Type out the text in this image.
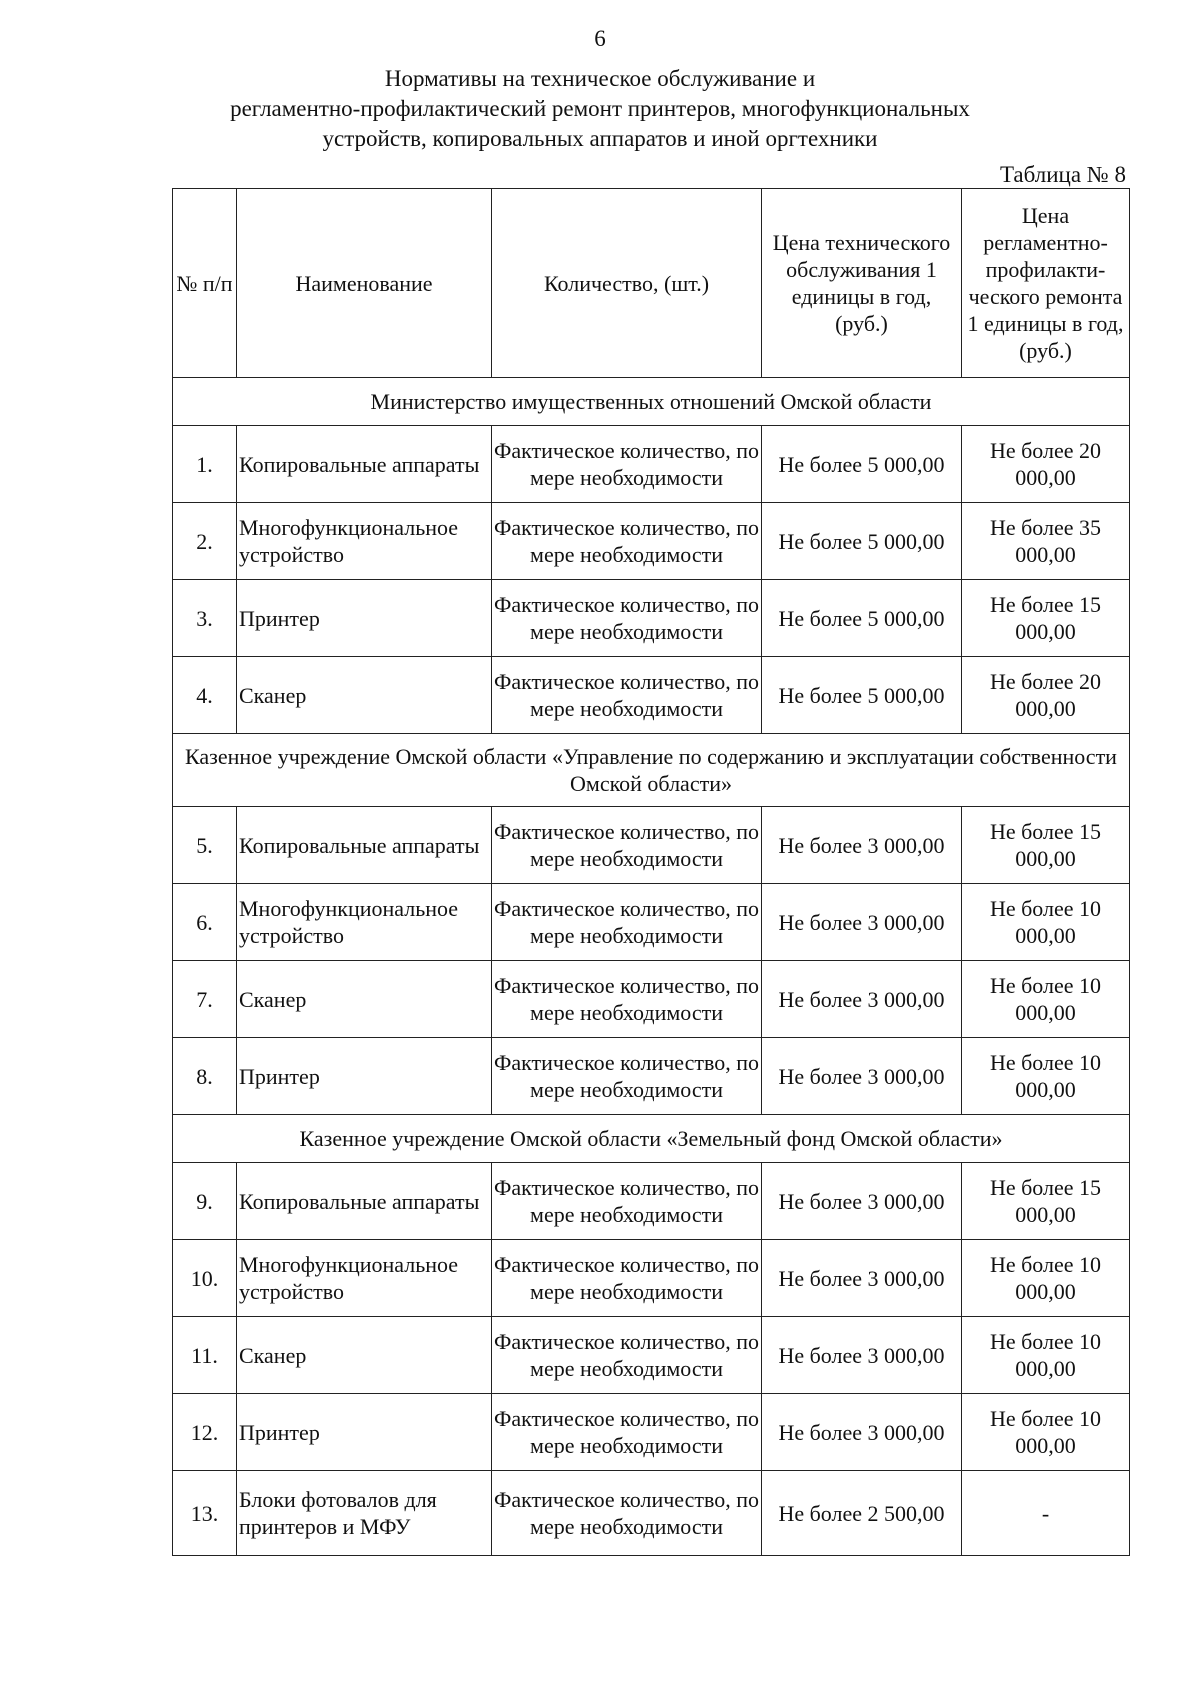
6
Нормативы на техническое обслуживание и
регламентно-профилактический ремонт принтеров, многофункциональных
устройств, копировальных аппаратов и иной оргтехники
Таблица № 8
№ п/п	Наименование	Количество, (шт.)	Цена технического обслуживания 1 единицы в год, (руб.)	Цена регламентно-профилакти-ческого ремонта 1 единицы в год, (руб.)
Министерство имущественных отношений Омской области				
1.	Копировальные аппараты	Фактическое количество, по мере необходимости	Не более 5 000,00	Не более 20 000,00
2.	Многофункциональное устройство	Фактическое количество, по мере необходимости	Не более 5 000,00	Не более 35 000,00
3.	Принтер	Фактическое количество, по мере необходимости	Не более 5 000,00	Не более 15 000,00
4.	Сканер	Фактическое количество, по мере необходимости	Не более 5 000,00	Не более 20 000,00
Казенное учреждение Омской области «Управление по содержанию и эксплуатации собственности Омской области»				
5.	Копировальные аппараты	Фактическое количество, по мере необходимости	Не более 3 000,00	Не более 15 000,00
6.	Многофункциональное устройство	Фактическое количество, по мере необходимости	Не более 3 000,00	Не более 10 000,00
7.	Сканер	Фактическое количество, по мере необходимости	Не более 3 000,00	Не более 10 000,00
8.	Принтер	Фактическое количество, по мере необходимости	Не более 3 000,00	Не более 10 000,00
Казенное учреждение Омской области «Земельный фонд Омской области»				
9.	Копировальные аппараты	Фактическое количество, по мере необходимости	Не более 3 000,00	Не более 15 000,00
10.	Многофункциональное устройство	Фактическое количество, по мере необходимости	Не более 3 000,00	Не более 10 000,00
11.	Сканер	Фактическое количество, по мере необходимости	Не более 3 000,00	Не более 10 000,00
12.	Принтер	Фактическое количество, по мере необходимости	Не более 3 000,00	Не более 10 000,00
13.	Блоки фотовалов для принтеров и МФУ	Фактическое количество, по мере необходимости	Не более 2 500,00	-
